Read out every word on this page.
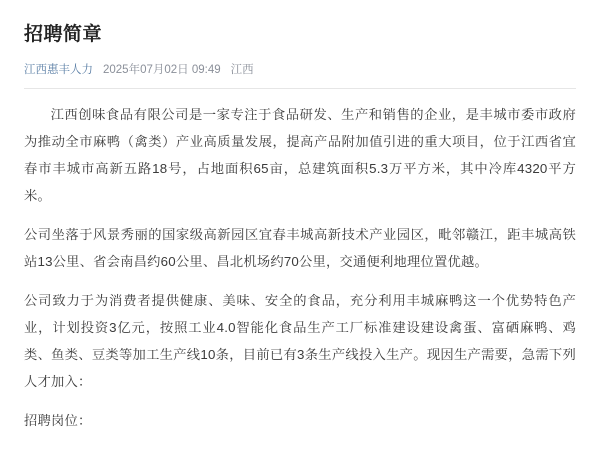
招聘简章
江西惠丰人力 2025年07月02日 09:49 江西

江西创味食品有限公司是一家专注于食品研发、生产和销售的企业，是丰城市委市政府为推动全市麻鸭（禽类）产业高质量发展，提高产品附加值引进的重大项目，位于江西省宜春市丰城市高新五路18号，占地面积65亩，总建筑面积5.3万平方米，其中冷库4320平方米。

公司坐落于风景秀丽的国家级高新园区宜春丰城高新技术产业园区，毗邻赣江，距丰城高铁站13公里、省会南昌约60公里、昌北机场约70公里，交通便利地理位置优越。

公司致力于为消费者提供健康、美味、安全的食品，充分利用丰城麻鸭这一个优势特色产业，计划投资3亿元，按照工业4.0智能化食品生产工厂标准建设建设禽蛋、富硒麻鸭、鸡类、鱼类、豆类等加工生产线10条，目前已有3条生产线投入生产。现因生产需要，急需下列人才加入：

招聘岗位：
